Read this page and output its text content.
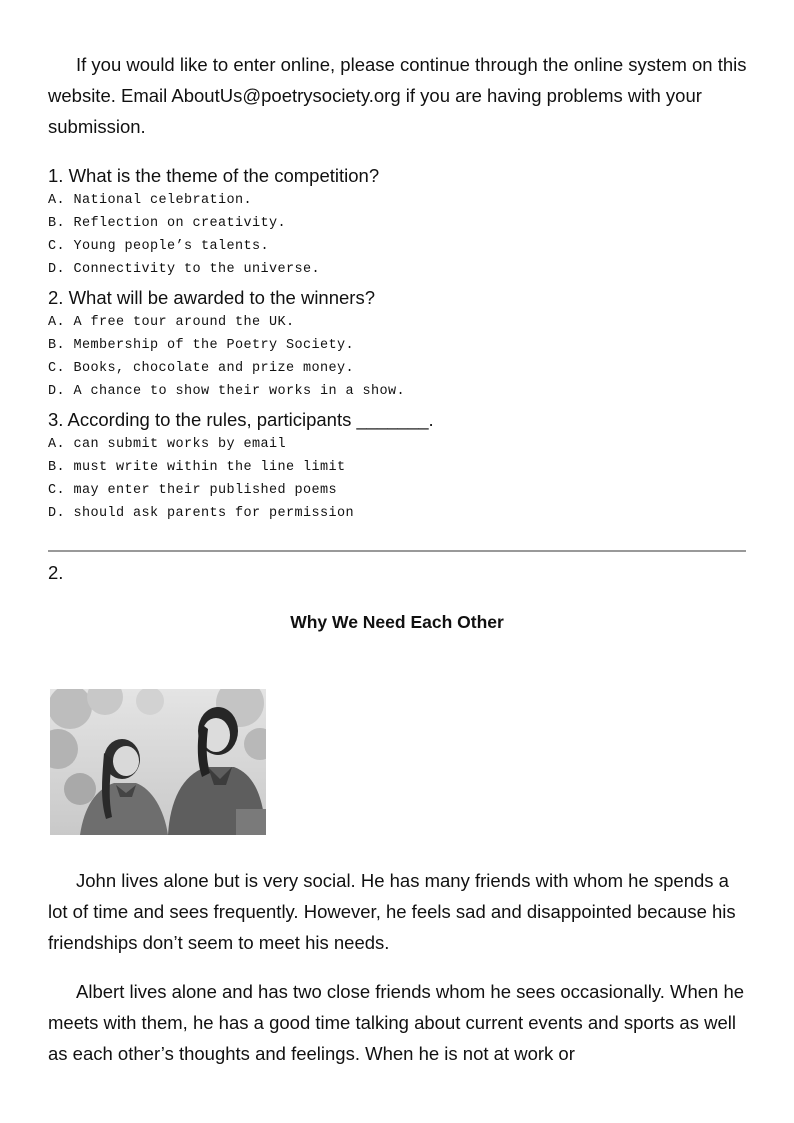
If you would like to enter online, please continue through the online system on this website. Email AboutUs@poetrysociety.org if you are having problems with your submission.

1. What is the theme of the competition?

A. National celebration.

B. Reflection on creativity.

C. Young people’s talents.

D. Connectivity to the universe.

2. What will be awarded to the winners?

A. A free tour around the UK.

B. Membership of the Poetry Society.

C. Books, chocolate and prize money.

D. A chance to show their works in a show.

3. According to the rules, participants _______.

A. can submit works by email

B. must write within the line limit

C. may enter their published poems

D. should ask parents for permission

2.
Why We Need Each Other

John lives alone but is very social. He has many friends with whom he spends a lot of time and sees frequently. However, he feels sad and disappointed because his friendships don’t seem to meet his needs.

Albert lives alone and has two close friends whom he sees occasionally. When he meets with them, he has a good time talking about current events and sports as well as each other’s thoughts and feelings. When he is not at work or
